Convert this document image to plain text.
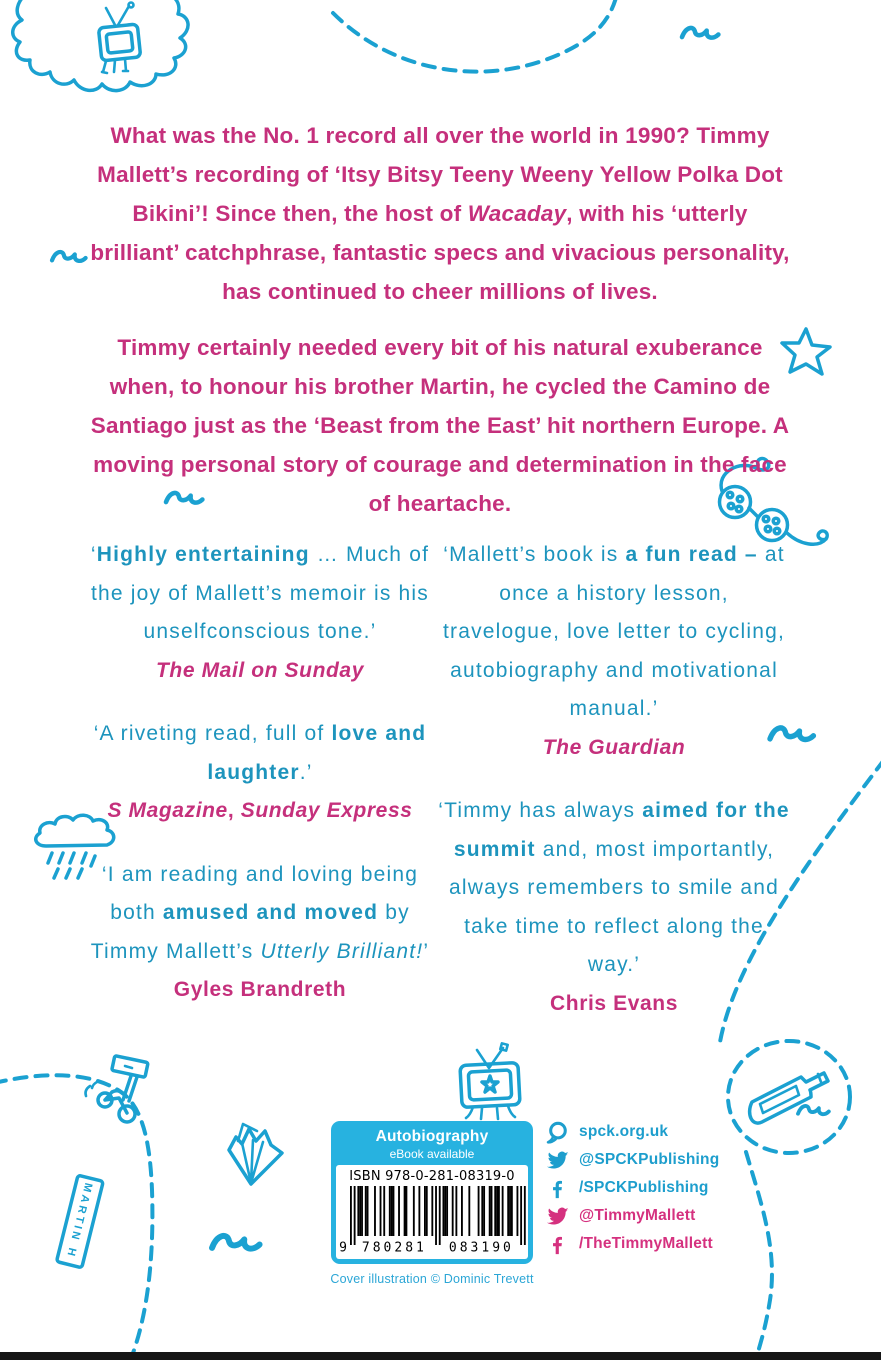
MARTIN H

What was the No. 1 record all over the world in 1990? Timmy Mallett’s recording of ‘Itsy Bitsy Teeny Weeny Yellow Polka Dot Bikini’! Since then, the host of Wacaday, with his ‘utterly brilliant’ catchphrase, fantastic specs and vivacious personality, has continued to cheer millions of lives.

Timmy certainly needed every bit of his natural exuberance when, to honour his brother Martin, he cycled the Camino de Santiago just as the ‘Beast from the East’ hit northern Europe. A moving personal story of courage and determination in the face of heartache.

‘Highly entertaining … Much of the joy of Mallett’s memoir is his unselfconscious tone.’
The Mail on Sunday
‘A riveting read, full of love and laughter.’
S Magazine, Sunday Express
‘I am reading and loving being both amused and moved by Timmy Mallett’s Utterly Brilliant!’
Gyles Brandreth
‘Mallett’s book is a fun read – at once a history lesson, travelogue, love letter to cycling, autobiography and motivational manual.’
The Guardian
‘Timmy has always aimed for the summit and, most importantly, always remembers to smile and take time to reflect along the way.’
Chris Evans
Autobiography
eBook available
ISBN 978-0-281-08319-0
9 780281 083190
Cover illustration © Dominic Trevett
spck.org.uk
@SPCKPublishing
/SPCKPublishing
@TimmyMallett
/TheTimmyMallett
